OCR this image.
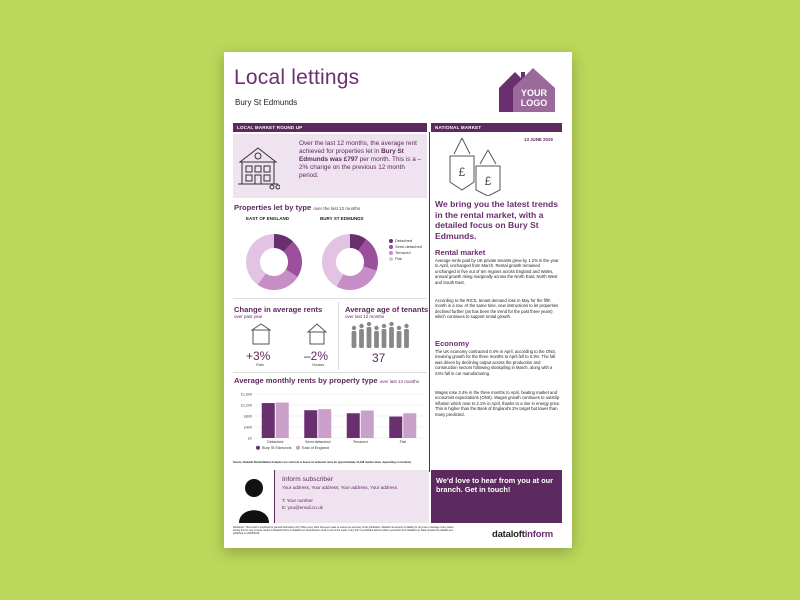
Local lettings
Bury St Edmunds
YOUR
LOGO
LOCAL MARKET ROUND UP	NATIONAL MARKET
Over the last 12 months, the average rent achieved for properties let in Bury St Edmunds was £797 per month. This is a –2% change on the previous 12 month period.
Properties let by type over the last 12 months
EAST OF ENGLAND	BURY ST EDMUNDS
Detached
Semi-detached
Terraced
Flat
Change in average rents
over past year
+3%
Flats
–2%
Houses
Average age of tenants
over last 12 months
37
Average monthly rents by property type over last 12 months
£1,600
£1,200
£800
£400
£0
Detached	Semi-detached	Terraced	Flat
Bury St Edmunds	East of England
Source: Dataloft Rental Market Analytics (so sold rent is based on achieved rents for approximately 10,196 market share, depending on location)
13 JUNE 2019
£
£
We bring you the latest trends in the rental market, with a detailed focus on Bury St Edmunds.
Rental market
Average rents paid by UK private tenants grew by 1.2% in the year to April, unchanged from March. Rental growth remained unchanged in five out of ten regions across England and Wales, annual growth rising marginally across the North East, North West and South East.
According to the RICS, tenant demand rose in May for the fifth month in a row. At the same time, new instructions to let properties declined further (as has been the trend for the past three years) which continues to support rental growth.
Economy
The UK economy contracted 0.4% in April, according to the ONS, meaning growth for the three months to April fell to 0.3%. The fall was driven by declining output across the production and construction sectors following stockpiling in March, along with a 24% fall in car manufacturing.
Wages rose 3.4% in the three months to April, beating market and economist expectations (ONS). Wages growth continues to outstrip inflation which rose to 2.1% in April, thanks to a rise in energy price. This is higher than the Bank of England's 2% target but lower than many predicted.
Inform subscriber
Your address, Your address, Your address, Your address
T: Your number
E: you@email.co.uk
We'd love to hear from you at our branch. Get in touch!
Disclaimer: This report is produced for general information only. While every effort has been made to ensure the accuracy of this publication, Dataloft Ltd accepts no liability for any loss or damage of any nature arising from its use or these results to Dataloft Inform or Dataloft Ltd. Reproduction of all or part of the report in any form is prohibited without written permission from Dataloft Ltd. Data compiled by dataloft and published on 20/05/2019.	dataloftinform
